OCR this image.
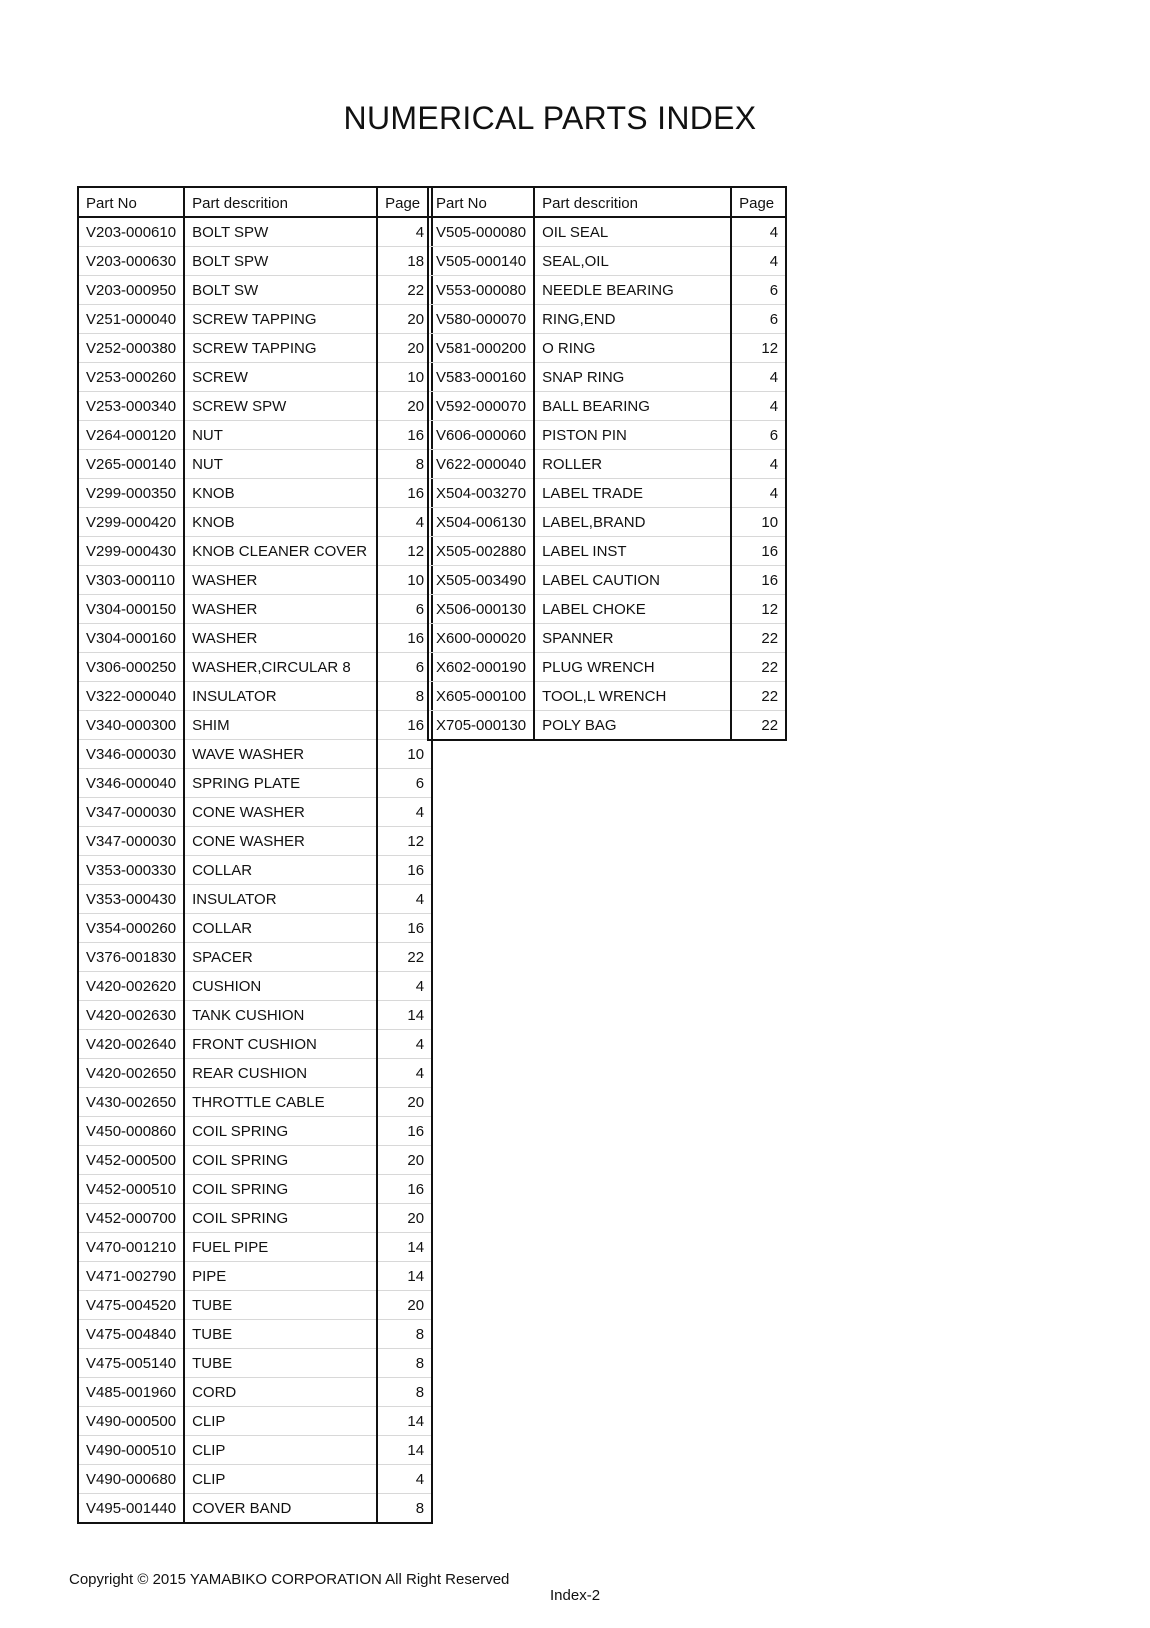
NUMERICAL PARTS INDEX
Part No	Part descrition	Page
V203-000610	BOLT SPW	4
V203-000630	BOLT SPW	18
V203-000950	BOLT SW	22
V251-000040	SCREW TAPPING	20
V252-000380	SCREW TAPPING	20
V253-000260	SCREW	10
V253-000340	SCREW SPW	20
V264-000120	NUT	16
V265-000140	NUT	8
V299-000350	KNOB	16
V299-000420	KNOB	4
V299-000430	KNOB CLEANER COVER	12
V303-000110	WASHER	10
V304-000150	WASHER	6
V304-000160	WASHER	16
V306-000250	WASHER,CIRCULAR 8	6
V322-000040	INSULATOR	8
V340-000300	SHIM	16
V346-000030	WAVE WASHER	10
V346-000040	SPRING PLATE	6
V347-000030	CONE WASHER	4
V347-000030	CONE WASHER	12
V353-000330	COLLAR	16
V353-000430	INSULATOR	4
V354-000260	COLLAR	16
V376-001830	SPACER	22
V420-002620	CUSHION	4
V420-002630	TANK CUSHION	14
V420-002640	FRONT CUSHION	4
V420-002650	REAR CUSHION	4
V430-002650	THROTTLE CABLE	20
V450-000860	COIL SPRING	16
V452-000500	COIL SPRING	20
V452-000510	COIL SPRING	16
V452-000700	COIL SPRING	20
V470-001210	FUEL PIPE	14
V471-002790	PIPE	14
V475-004520	TUBE	20
V475-004840	TUBE	8
V475-005140	TUBE	8
V485-001960	CORD	8
V490-000500	CLIP	14
V490-000510	CLIP	14
V490-000680	CLIP	4
V495-001440	COVER BAND	8
Part No	Part descrition	Page
V505-000080	OIL SEAL	4
V505-000140	SEAL,OIL	4
V553-000080	NEEDLE BEARING	6
V580-000070	RING,END	6
V581-000200	O RING	12
V583-000160	SNAP RING	4
V592-000070	BALL BEARING	4
V606-000060	PISTON PIN	6
V622-000040	ROLLER	4
X504-003270	LABEL TRADE	4
X504-006130	LABEL,BRAND	10
X505-002880	LABEL INST	16
X505-003490	LABEL CAUTION	16
X506-000130	LABEL CHOKE	12
X600-000020	SPANNER	22
X602-000190	PLUG WRENCH	22
X605-000100	TOOL,L WRENCH	22
X705-000130	POLY BAG	22
Copyright © 2015 YAMABIKO CORPORATION All Right Reserved
Index-2
